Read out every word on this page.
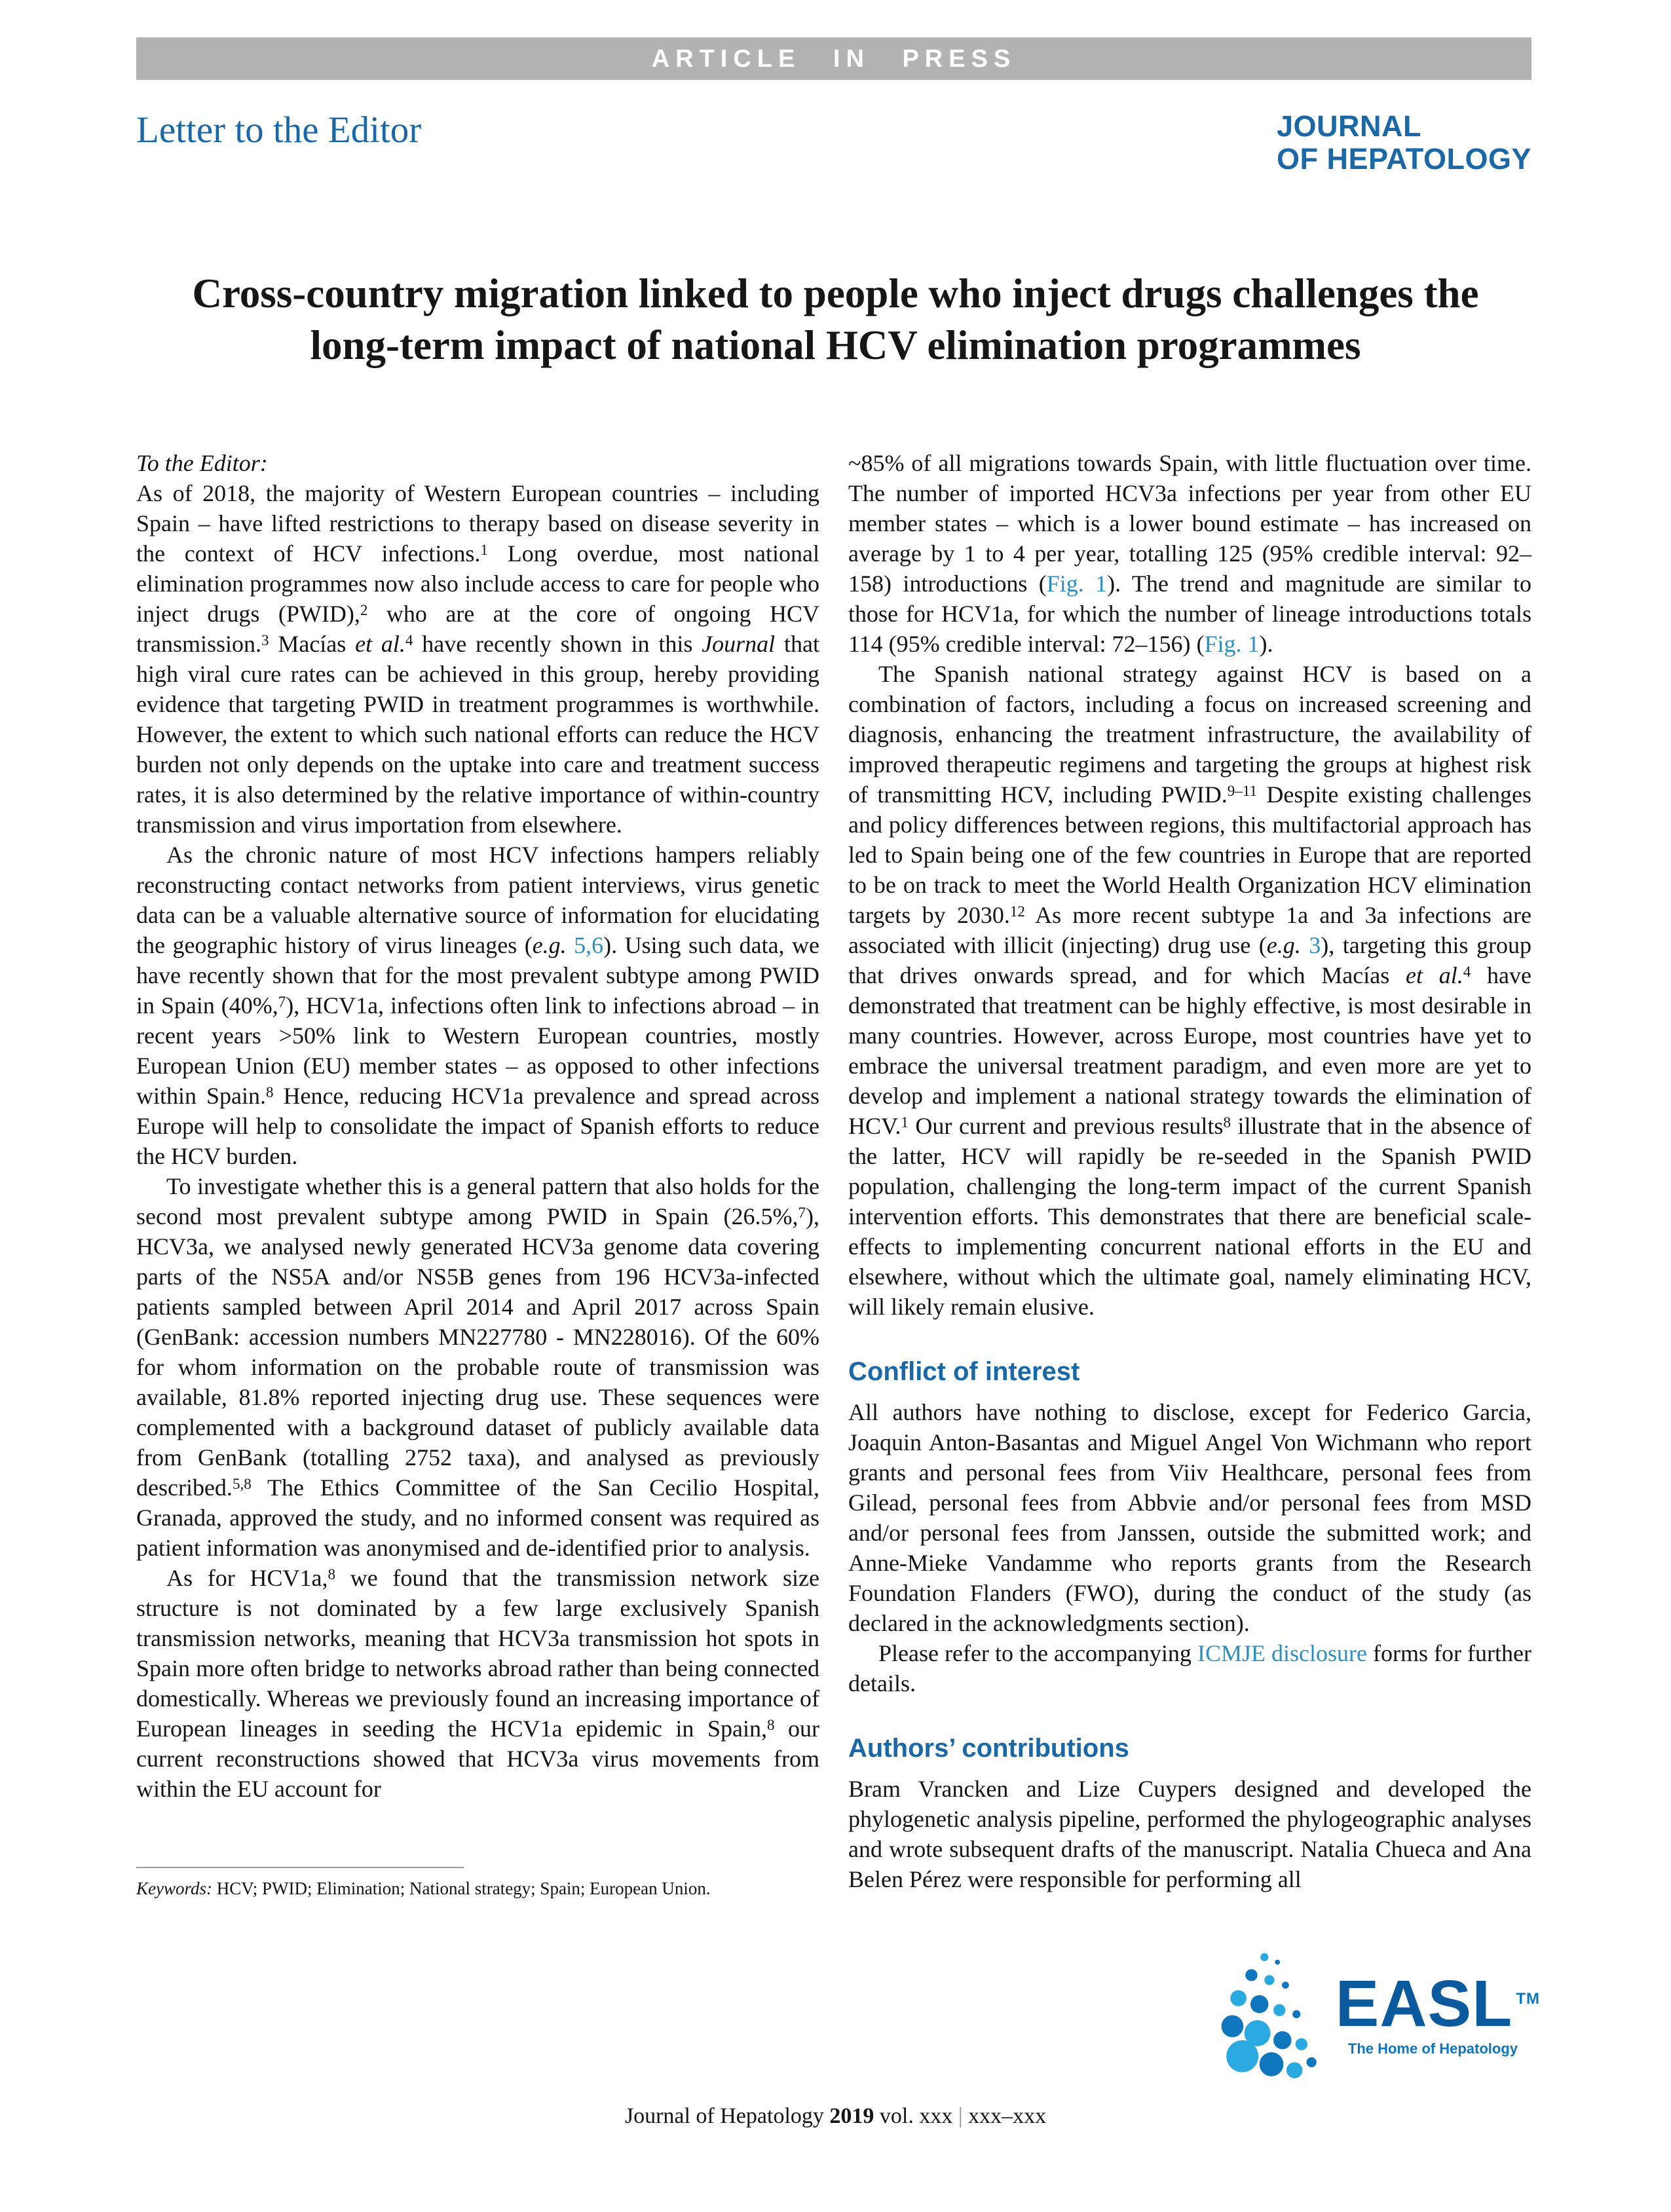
ARTICLE IN PRESS
Letter to the Editor	JOURNAL
OF HEPATOLOGY
Cross-country migration linked to people who inject drugs challenges the long-term impact of national HCV elimination programmes

To the Editor:

As of 2018, the majority of Western European countries – including Spain – have lifted restrictions to therapy based on disease severity in the context of HCV infections.$^1$ Long overdue, most national elimination programmes now also include access to care for people who inject drugs (PWID),$^2$ who are at the core of ongoing HCV transmission.$^3$ Macías et al.$^4$ have recently shown in this Journal that high viral cure rates can be achieved in this group, hereby providing evidence that targeting PWID in treatment programmes is worthwhile. However, the extent to which such national efforts can reduce the HCV burden not only depends on the uptake into care and treatment success rates, it is also determined by the relative importance of within-country transmission and virus importation from elsewhere.

As the chronic nature of most HCV infections hampers reliably reconstructing contact networks from patient interviews, virus genetic data can be a valuable alternative source of information for elucidating the geographic history of virus lineages (e.g. 5,6). Using such data, we have recently shown that for the most prevalent subtype among PWID in Spain (40%,$^7$), HCV1a, infections often link to infections abroad – in recent years >50% link to Western European countries, mostly European Union (EU) member states – as opposed to other infections within Spain.$^8$ Hence, reducing HCV1a prevalence and spread across Europe will help to consolidate the impact of Spanish efforts to reduce the HCV burden.

To investigate whether this is a general pattern that also holds for the second most prevalent subtype among PWID in Spain (26.5%,$^7$), HCV3a, we analysed newly generated HCV3a genome data covering parts of the NS5A and/or NS5B genes from 196 HCV3a-infected patients sampled between April 2014 and April 2017 across Spain (GenBank: accession numbers MN227780 - MN228016). Of the 60% for whom information on the probable route of transmission was available, 81.8% reported injecting drug use. These sequences were complemented with a background dataset of publicly available data from GenBank (totalling 2752 taxa), and analysed as previously described.$^{5,8}$ The Ethics Committee of the San Cecilio Hospital, Granada, approved the study, and no informed consent was required as patient information was anonymised and de-identified prior to analysis.

As for HCV1a,$^8$ we found that the transmission network size structure is not dominated by a few large exclusively Spanish transmission networks, meaning that HCV3a transmission hot spots in Spain more often bridge to networks abroad rather than being connected domestically. Whereas we previously found an increasing importance of European lineages in seeding the HCV1a epidemic in Spain,$^8$ our current reconstructions showed that HCV3a virus movements from within the EU account for

Keywords: HCV; PWID; Elimination; National strategy; Spain; European Union.

~85% of all migrations towards Spain, with little fluctuation over time. The number of imported HCV3a infections per year from other EU member states – which is a lower bound estimate – has increased on average by 1 to 4 per year, totalling 125 (95% credible interval: 92–158) introductions (Fig. 1). The trend and magnitude are similar to those for HCV1a, for which the number of lineage introductions totals 114 (95% credible interval: 72–156) (Fig. 1).

The Spanish national strategy against HCV is based on a combination of factors, including a focus on increased screening and diagnosis, enhancing the treatment infrastructure, the availability of improved therapeutic regimens and targeting the groups at highest risk of transmitting HCV, including PWID.$^{9-11}$ Despite existing challenges and policy differences between regions, this multifactorial approach has led to Spain being one of the few countries in Europe that are reported to be on track to meet the World Health Organization HCV elimination targets by 2030.12 As more recent subtype 1a and 3a infections are associated with illicit (injecting) drug use (e.g. 3), targeting this group that drives onwards spread, and for which Macías et al.$^4$ have demonstrated that treatment can be highly effective, is most desirable in many countries. However, across Europe, most countries have yet to embrace the universal treatment paradigm, and even more are yet to develop and implement a national strategy towards the elimination of HCV.$^1$ Our current and previous results$^8$ illustrate that in the absence of the latter, HCV will rapidly be re-seeded in the Spanish PWID population, challenging the long-term impact of the current Spanish intervention efforts. This demonstrates that there are beneficial scale-effects to implementing concurrent national efforts in the EU and elsewhere, without which the ultimate goal, namely eliminating HCV, will likely remain elusive.

Conflict of interest

All authors have nothing to disclose, except for Federico Garcia, Joaquin Anton-Basantas and Miguel Angel Von Wichmann who report grants and personal fees from Viiv Healthcare, personal fees from Gilead, personal fees from Abbvie and/or personal fees from MSD and/or personal fees from Janssen, outside the submitted work; and Anne-Mieke Vandamme who reports grants from the Research Foundation Flanders (FWO), during the conduct of the study (as declared in the acknowledgments section).

Please refer to the accompanying ICMJE disclosure forms for further details.

Authors’ contributions

Bram Vrancken and Lize Cuypers designed and developed the phylogenetic analysis pipeline, performed the phylogeographic analyses and wrote subsequent drafts of the manuscript. Natalia Chueca and Ana Belen Pérez were responsible for performing all

EASL ™
The Home of Hepatology
Journal of Hepatology 2019 vol. xxx | xxx–xxx
